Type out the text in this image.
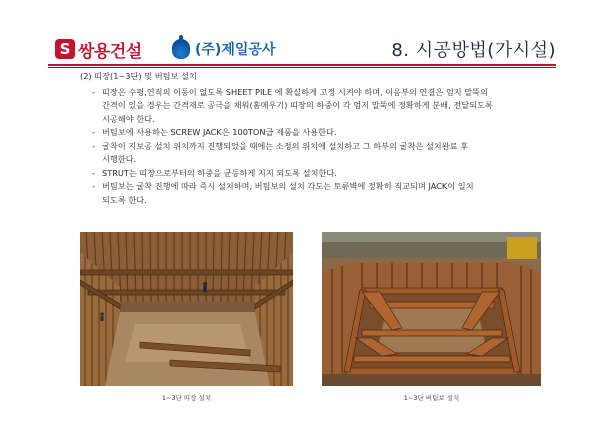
S 쌍용건설	(주)제일공사	8. 시공방법(가시설)
(2) 띠장(1~3단) 및 버팀보 설치
- 띠장은 수평,연직의 이동이 없도록 SHEET PILE 에 확실하게 고정 시켜야 하며, 이음부의 연결은 엄지 말뚝의
간격이 있을 경우는 간격재로 공극을 채워(홈메우기) 띠장의 하중이 각 엄지 말뚝에 정확하게 분배, 전달되도록
시공해야 한다.
- 버팀보에 사용하는 SCREW JACK은 100TON급 제품을 사용한다.
- 굴착이 지보공 설치 위치까지 진행되었을 때에는 소정의 위치에 설치하고 그 하부의 굴착은 설치완료 후
시행한다.
- STRUT는 띠장으로부터의 하중을 균등하게 지지 되도록 설치한다.
- 버팀보는 굴착 진행에 따라 즉시 설치하며, 버팀보의 설치 각도는 토류벽에 정확히 직교되며 JACK이 일치
되도록 한다.
1~3단 띠장 설치	1~3단 버팀보 설치
